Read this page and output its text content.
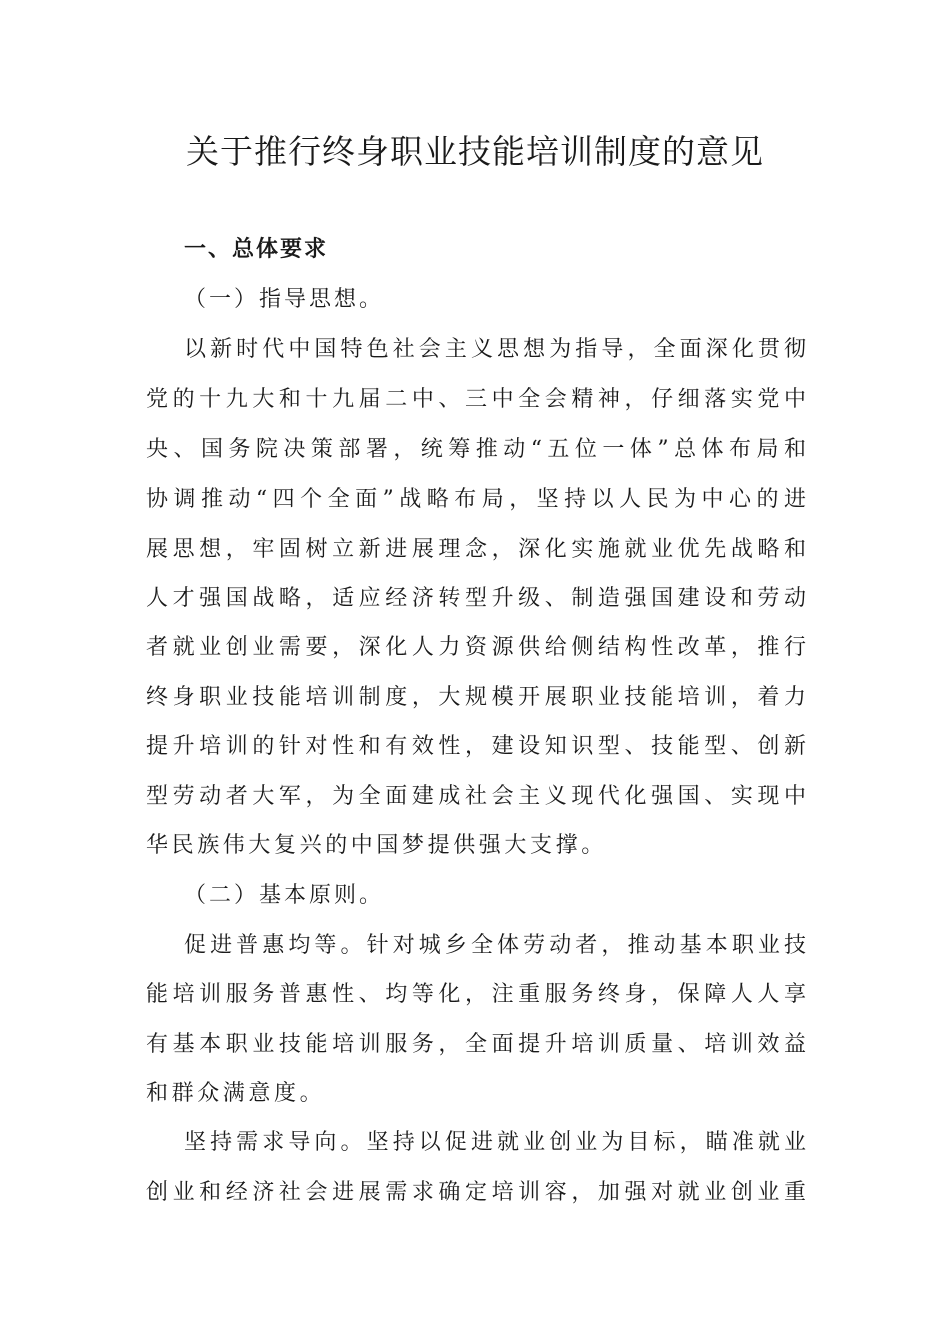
关于推行终身职业技能培训制度的意见
一、总体要求

（一）指导思想。

以新时代中国特色社会主义思想为指导，全面深化贯彻

党的十九大和十九届二中、三中全会精神，仔细落实党中

央、国务院决策部署，统筹推动“五位一体”总体布局和

协调推动“四个全面”战略布局，坚持以人民为中心的进

展思想，牢固树立新进展理念，深化实施就业优先战略和

人才强国战略，适应经济转型升级、制造强国建设和劳动

者就业创业需要，深化人力资源供给侧结构性改革，推行

终身职业技能培训制度，大规模开展职业技能培训，着力

提升培训的针对性和有效性，建设知识型、技能型、创新

型劳动者大军，为全面建成社会主义现代化强国、实现中

华民族伟大复兴的中国梦提供强大支撑。

（二）基本原则。

促进普惠均等。针对城乡全体劳动者，推动基本职业技

能培训服务普惠性、均等化，注重服务终身，保障人人享

有基本职业技能培训服务，全面提升培训质量、培训效益

和群众满意度。

坚持需求导向。坚持以促进就业创业为目标，瞄准就业

创业和经济社会进展需求确定培训容，加强对就业创业重
